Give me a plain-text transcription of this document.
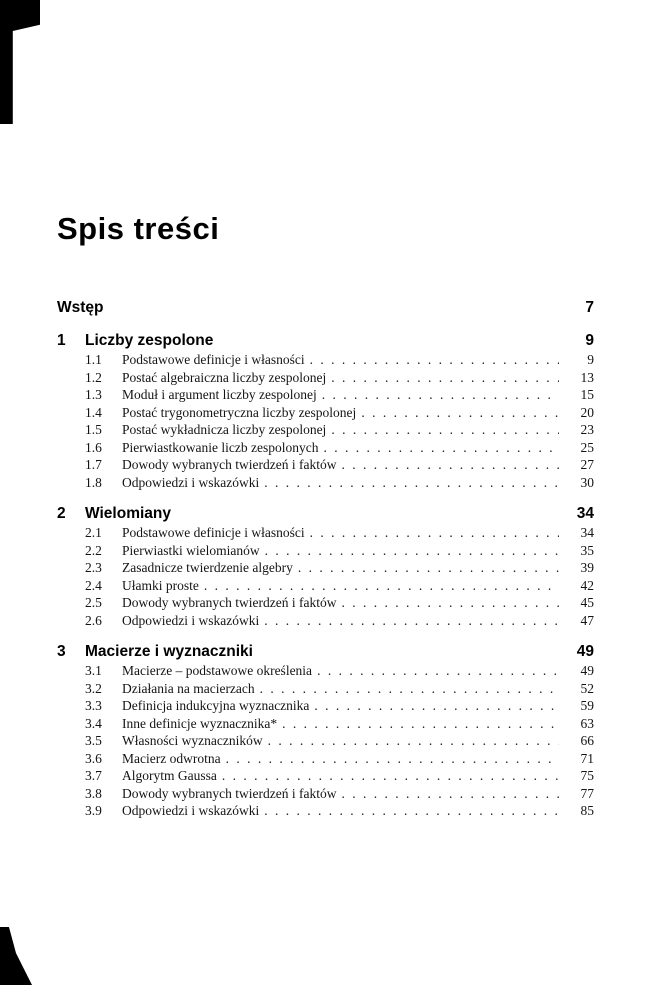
Spis treści
Wstęp	7
1	Liczby zespolone	9
1.1	Podstawowe definicje i własności . . .	9
1.2	Postać algebraiczna liczby zespolonej . . .	13
1.3	Moduł i argument liczby zespolonej . . .	15
1.4	Postać trygonometryczna liczby zespolonej . . .	20
1.5	Postać wykładnicza liczby zespolonej . . .	23
1.6	Pierwiastkowanie liczb zespolonych . . .	25
1.7	Dowody wybranych twierdzeń i faktów . . .	27
1.8	Odpowiedzi i wskazówki . . .	30
2	Wielomiany	34
2.1	Podstawowe definicje i własności . . .	34
2.2	Pierwiastki wielomianów . . .	35
2.3	Zasadnicze twierdzenie algebry . . .	39
2.4	Ułamki proste . . .	42
2.5	Dowody wybranych twierdzeń i faktów . . .	45
2.6	Odpowiedzi i wskazówki . . .	47
3	Macierze i wyznaczniki	49
3.1	Macierze – podstawowe określenia . . .	49
3.2	Działania na macierzach . . .	52
3.3	Definicja indukcyjna wyznacznika . . .	59
3.4	Inne definicje wyznacznika* . . .	63
3.5	Własności wyznaczników . . .	66
3.6	Macierz odwrotna . . .	71
3.7	Algorytm Gaussa . . .	75
3.8	Dowody wybranych twierdzeń i faktów . . .	77
3.9	Odpowiedzi i wskazówki . . .	85
